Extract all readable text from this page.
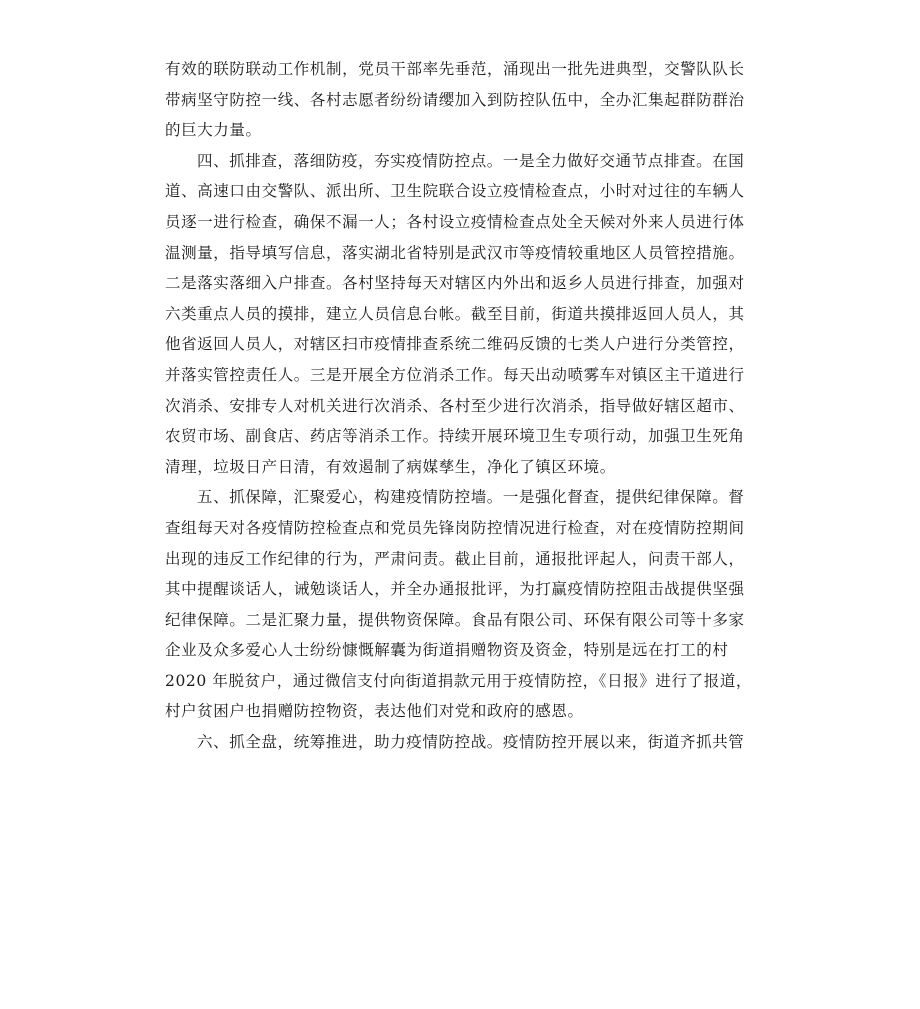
有效的联防联动工作机制，党员干部率先垂范，涌现出一批先进典型，交警队队长
带病坚守防控一线、各村志愿者纷纷请缨加入到防控队伍中，全办汇集起群防群治
的巨大力量。
四、抓排查，落细防疫，夯实疫情防控点。一是全力做好交通节点排查。在国
道、高速口由交警队、派出所、卫生院联合设立疫情检查点，小时对过往的车辆人
员逐一进行检查，确保不漏一人；各村设立疫情检查点处全天候对外来人员进行体
温测量，指导填写信息，落实湖北省特别是武汉市等疫情较重地区人员管控措施。
二是落实落细入户排查。各村坚持每天对辖区内外出和返乡人员进行排查，加强对
六类重点人员的摸排，建立人员信息台帐。截至目前，街道共摸排返回人员人，其
他省返回人员人，对辖区扫市疫情排查系统二维码反馈的七类人户进行分类管控，
并落实管控责任人。三是开展全方位消杀工作。每天出动喷雾车对镇区主干道进行
次消杀、安排专人对机关进行次消杀、各村至少进行次消杀，指导做好辖区超市、
农贸市场、副食店、药店等消杀工作。持续开展环境卫生专项行动，加强卫生死角
清理，垃圾日产日清，有效遏制了病媒孳生，净化了镇区环境。
五、抓保障，汇聚爱心，构建疫情防控墙。一是强化督查，提供纪律保障。督
查组每天对各疫情防控检查点和党员先锋岗防控情况进行检查，对在疫情防控期间
出现的违反工作纪律的行为，严肃问责。截止目前，通报批评起人，问责干部人，
其中提醒谈话人，诫勉谈话人，并全办通报批评，为打赢疫情防控阻击战提供坚强
纪律保障。二是汇聚力量，提供物资保障。食品有限公司、环保有限公司等十多家
企业及众多爱心人士纷纷慷慨解囊为街道捐赠物资及资金，特别是远在打工的村
2020 年脱贫户，通过微信支付向街道捐款元用于疫情防控，《日报》进行了报道，
村户贫困户也捐赠防控物资，表达他们对党和政府的感恩。
六、抓全盘，统筹推进，助力疫情防控战。疫情防控开展以来，街道齐抓共管
